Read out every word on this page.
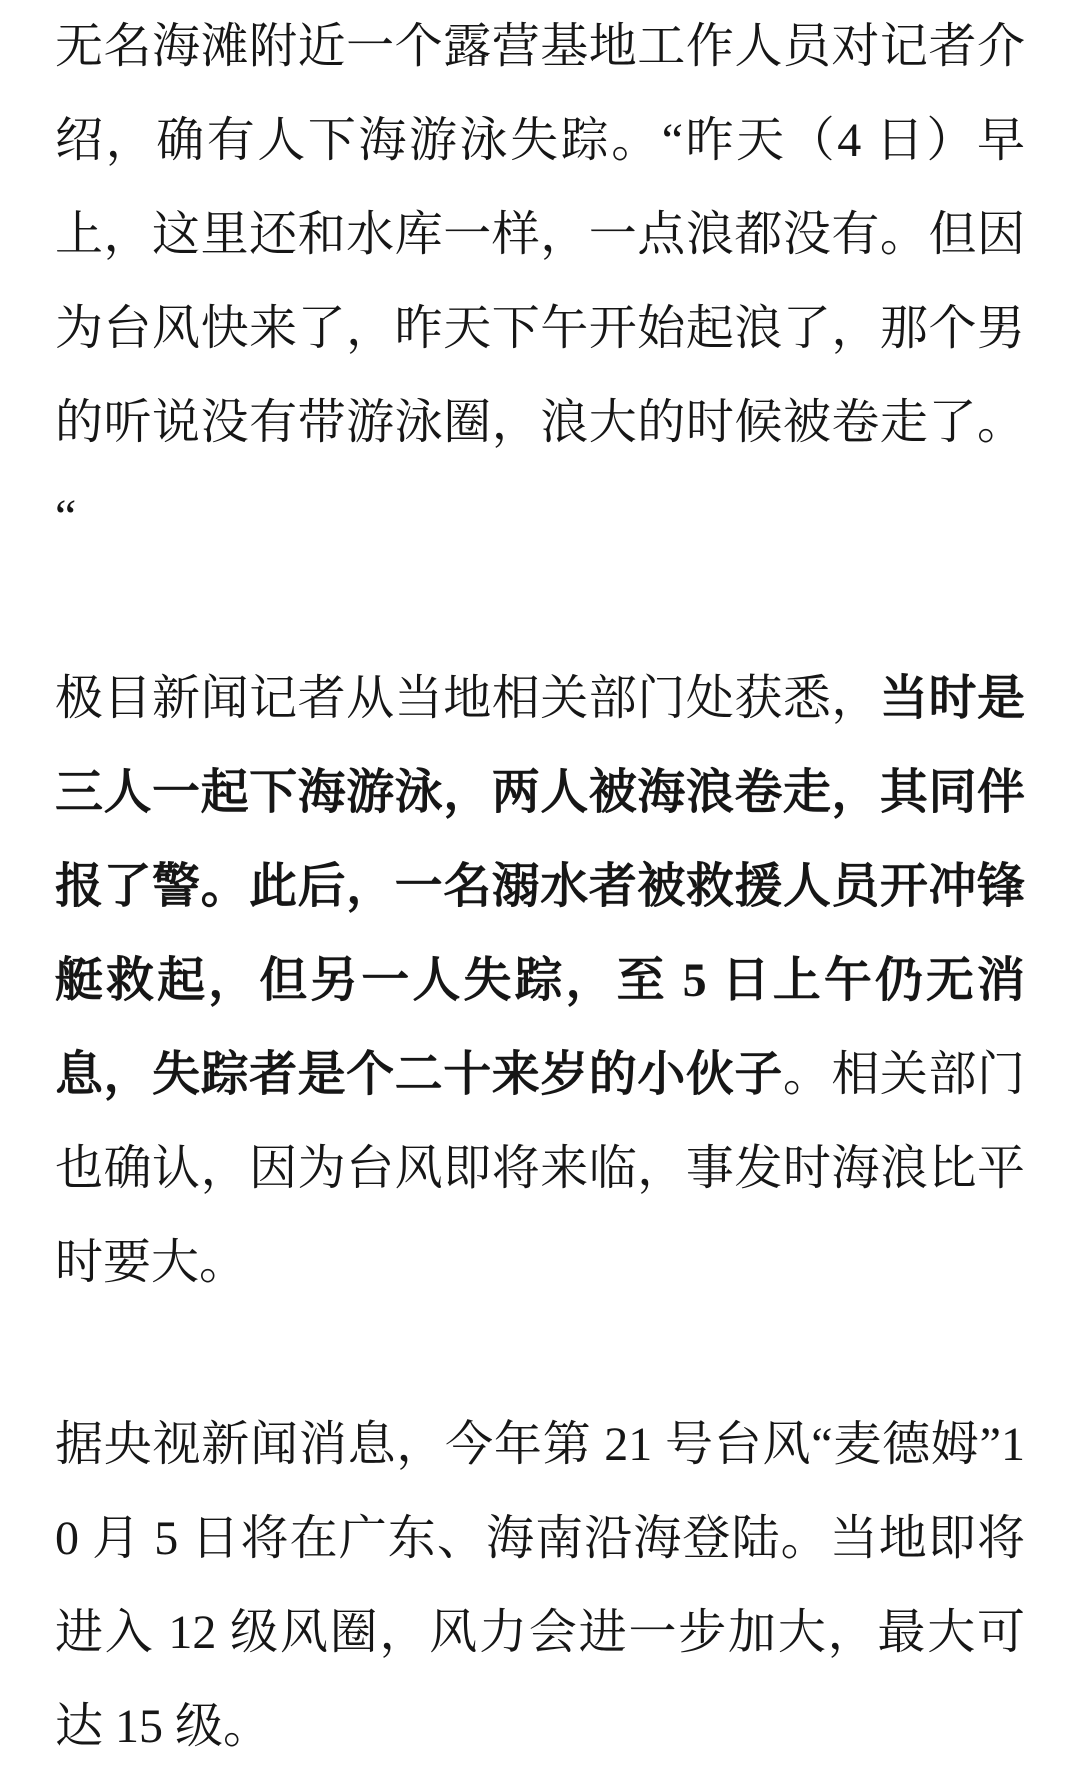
无名海滩附近一个露营基地工作人员对记者介绍，确有人下海游泳失踪。“昨天（4 日）早上，这里还和水库一样，一点浪都没有。但因为台风快来了，昨天下午开始起浪了，那个男的听说没有带游泳圈，浪大的时候被卷走了。“

极目新闻记者从当地相关部门处获悉，当时是三人一起下海游泳，两人被海浪卷走，其同伴报了警。此后，一名溺水者被救援人员开冲锋艇救起，但另一人失踪，至 5 日上午仍无消息，失踪者是个二十来岁的小伙子。相关部门也确认，因为台风即将来临，事发时海浪比平时要大。

据央视新闻消息，今年第 21 号台风“麦德姆”10 月 5 日将在广东、海南沿海登陆。当地即将进入 12 级风圈，风力会进一步加大，最大可达 15 级。
